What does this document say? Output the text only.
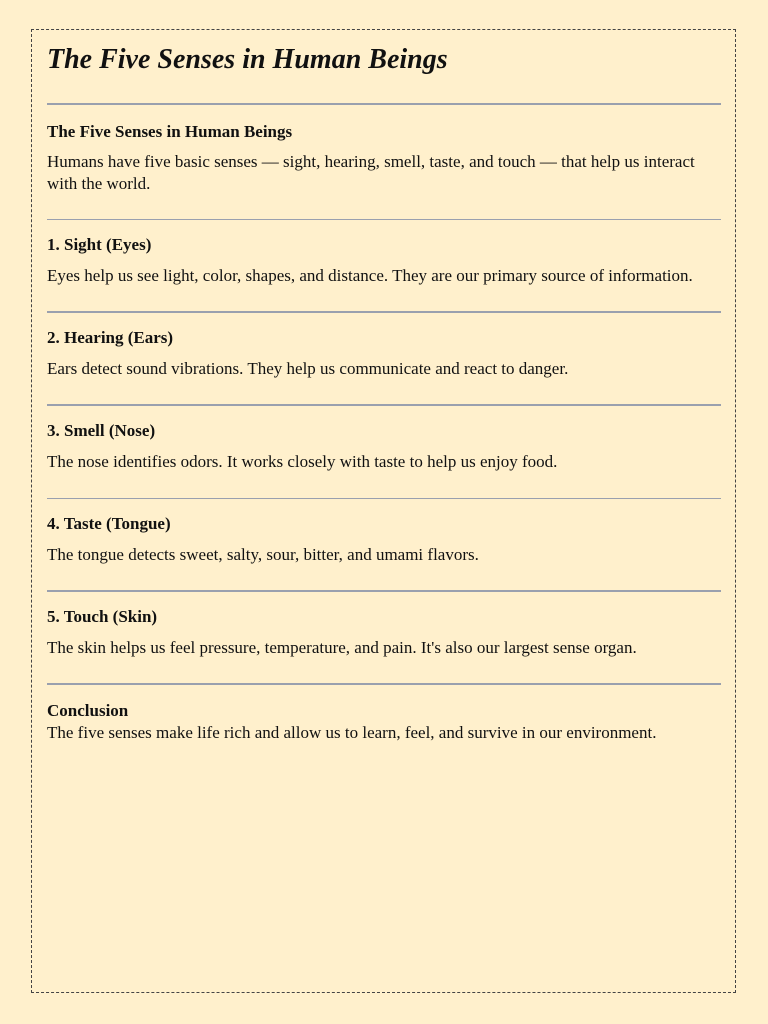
The Five Senses in Human Beings
The Five Senses in Human Beings

Humans have five basic senses — sight, hearing, smell, taste, and touch — that help us interact with the world.

1. Sight (Eyes)

Eyes help us see light, color, shapes, and distance. They are our primary source of information.

2. Hearing (Ears)

Ears detect sound vibrations. They help us communicate and react to danger.

3. Smell (Nose)

The nose identifies odors. It works closely with taste to help us enjoy food.

4. Taste (Tongue)

The tongue detects sweet, salty, sour, bitter, and umami flavors.

5. Touch (Skin)

The skin helps us feel pressure, temperature, and pain. It's also our largest sense organ.

Conclusion

The five senses make life rich and allow us to learn, feel, and survive in our environment.
